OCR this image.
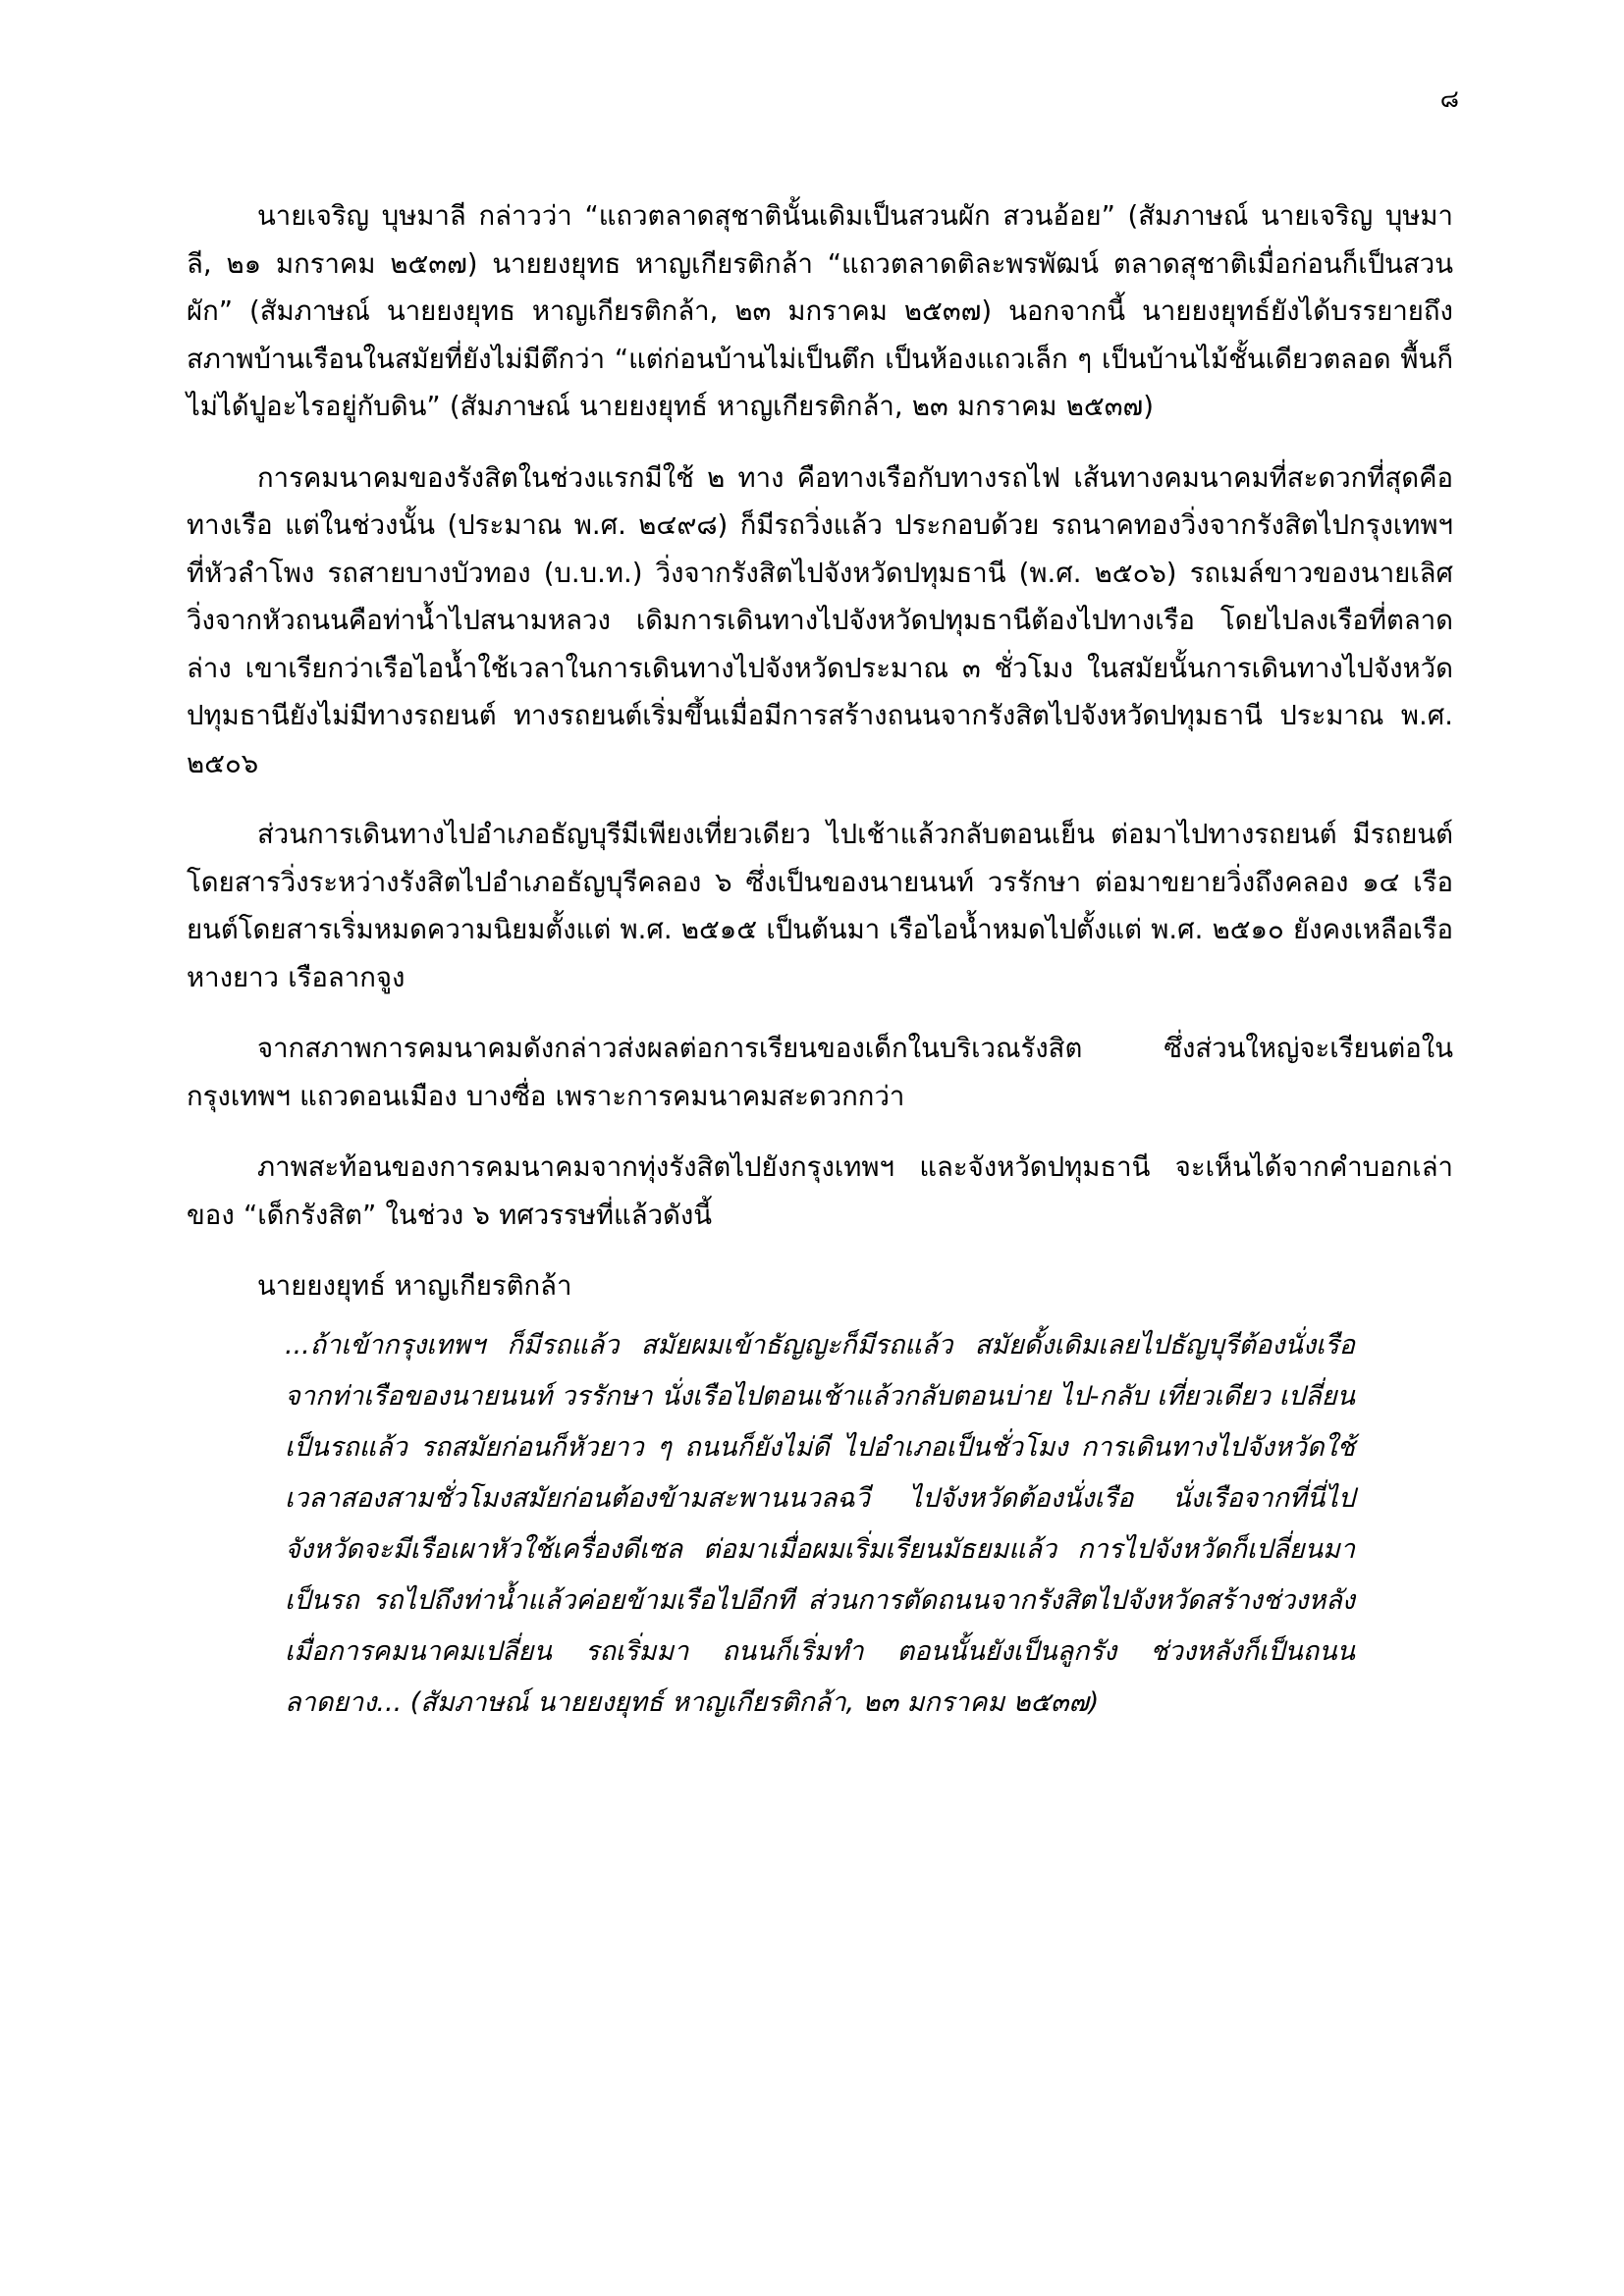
๘

นายเจริญ บุษมาลี กล่าวว่า “แถวตลาดสุชาตินั้นเดิมเป็นสวนผัก สวนอ้อย” (สัมภาษณ์ นายเจริญ บุษมาลี, ๒๑ มกราคม ๒๕๓๗) นายยงยุทธ หาญเกียรติกล้า “แถวตลาดติละพรพัฒน์ ตลาดสุชาติเมื่อก่อนก็เป็นสวนผัก” (สัมภาษณ์ นายยงยุทธ หาญเกียรติกล้า, ๒๓ มกราคม ๒๕๓๗) นอกจากนี้ นายยงยุทธ์ยังได้บรรยายถึงสภาพบ้านเรือนในสมัยที่ยังไม่มีตึกว่า “แต่ก่อนบ้านไม่เป็นตึก เป็นห้องแถวเล็ก ๆ เป็นบ้านไม้ชั้นเดียวตลอด พื้นก็ไม่ได้ปูอะไรอยู่กับดิน” (สัมภาษณ์ นายยงยุทธ์ หาญเกียรติกล้า, ๒๓ มกราคม ๒๕๓๗)

การคมนาคมของรังสิตในช่วงแรกมีใช้ ๒ ทาง คือทางเรือกับทางรถไฟ เส้นทางคมนาคมที่สะดวกที่สุดคือทางเรือ แต่ในช่วงนั้น (ประมาณ พ.ศ. ๒๔๙๘) ก็มีรถวิ่งแล้ว ประกอบด้วย รถนาคทองวิ่งจากรังสิตไปกรุงเทพฯ ที่หัวลำโพง รถสายบางบัวทอง (บ.บ.ท.) วิ่งจากรังสิตไปจังหวัดปทุมธานี (พ.ศ. ๒๕๐๖) รถเมล์ขาวของนายเลิศ วิ่งจากหัวถนนคือท่าน้ำไปสนามหลวง เดิมการเดินทางไปจังหวัดปทุมธานีต้องไปทางเรือ โดยไปลงเรือที่ตลาดล่าง เขาเรียกว่าเรือไอน้ำใช้เวลาในการเดินทางไปจังหวัดประมาณ ๓ ชั่วโมง ในสมัยนั้นการเดินทางไปจังหวัดปทุมธานียังไม่มีทางรถยนต์ ทางรถยนต์เริ่มขึ้นเมื่อมีการสร้างถนนจากรังสิตไปจังหวัดปทุมธานี ประมาณ พ.ศ. ๒๕๐๖

ส่วนการเดินทางไปอำเภอธัญบุรีมีเพียงเที่ยวเดียว ไปเช้าแล้วกลับตอนเย็น ต่อมาไปทางรถยนต์ มีรถยนต์โดยสารวิ่งระหว่างรังสิตไปอำเภอธัญบุรีคลอง ๖ ซึ่งเป็นของนายนนท์ วรรักษา ต่อมาขยายวิ่งถึงคลอง ๑๔ เรือยนต์โดยสารเริ่มหมดความนิยมตั้งแต่ พ.ศ. ๒๕๑๕ เป็นต้นมา เรือไอน้ำหมดไปตั้งแต่ พ.ศ. ๒๕๑๐ ยังคงเหลือเรือหางยาว เรือลากจูง

จากสภาพการคมนาคมดังกล่าวส่งผลต่อการเรียนของเด็กในบริเวณรังสิต ซึ่งส่วนใหญ่จะเรียนต่อในกรุงเทพฯ แถวดอนเมือง บางซื่อ เพราะการคมนาคมสะดวกกว่า

ภาพสะท้อนของการคมนาคมจากทุ่งรังสิตไปยังกรุงเทพฯ และจังหวัดปทุมธานี จะเห็นได้จากคำบอกเล่าของ “เด็กรังสิต” ในช่วง ๖ ทศวรรษที่แล้วดังนี้

นายยงยุทธ์ หาญเกียรติกล้า

...ถ้าเข้ากรุงเทพฯ ก็มีรถแล้ว สมัยผมเข้าธัญญะก็มีรถแล้ว สมัยดั้งเดิมเลยไปธัญบุรีต้องนั่งเรือจากท่าเรือของนายนนท์ วรรักษา นั่งเรือไปตอนเช้าแล้วกลับตอนบ่าย ไป-กลับ เที่ยวเดียว เปลี่ยนเป็นรถแล้ว รถสมัยก่อนก็หัวยาว ๆ ถนนก็ยังไม่ดี ไปอำเภอเป็นชั่วโมง การเดินทางไปจังหวัดใช้เวลาสองสามชั่วโมงสมัยก่อนต้องข้ามสะพานนวลฉวี ไปจังหวัดต้องนั่งเรือ นั่งเรือจากที่นี่ไปจังหวัดจะมีเรือเผาหัวใช้เครื่องดีเซล ต่อมาเมื่อผมเริ่มเรียนมัธยมแล้ว การไปจังหวัดก็เปลี่ยนมาเป็นรถ รถไปถึงท่าน้ำแล้วค่อยข้ามเรือไปอีกที ส่วนการตัดถนนจากรังสิตไปจังหวัดสร้างช่วงหลัง เมื่อการคมนาคมเปลี่ยน รถเริ่มมา ถนนก็เริ่มทำ ตอนนั้นยังเป็นลูกรัง ช่วงหลังก็เป็นถนนลาดยาง... (สัมภาษณ์ นายยงยุทธ์ หาญเกียรติกล้า, ๒๓ มกราคม ๒๕๓๗)
